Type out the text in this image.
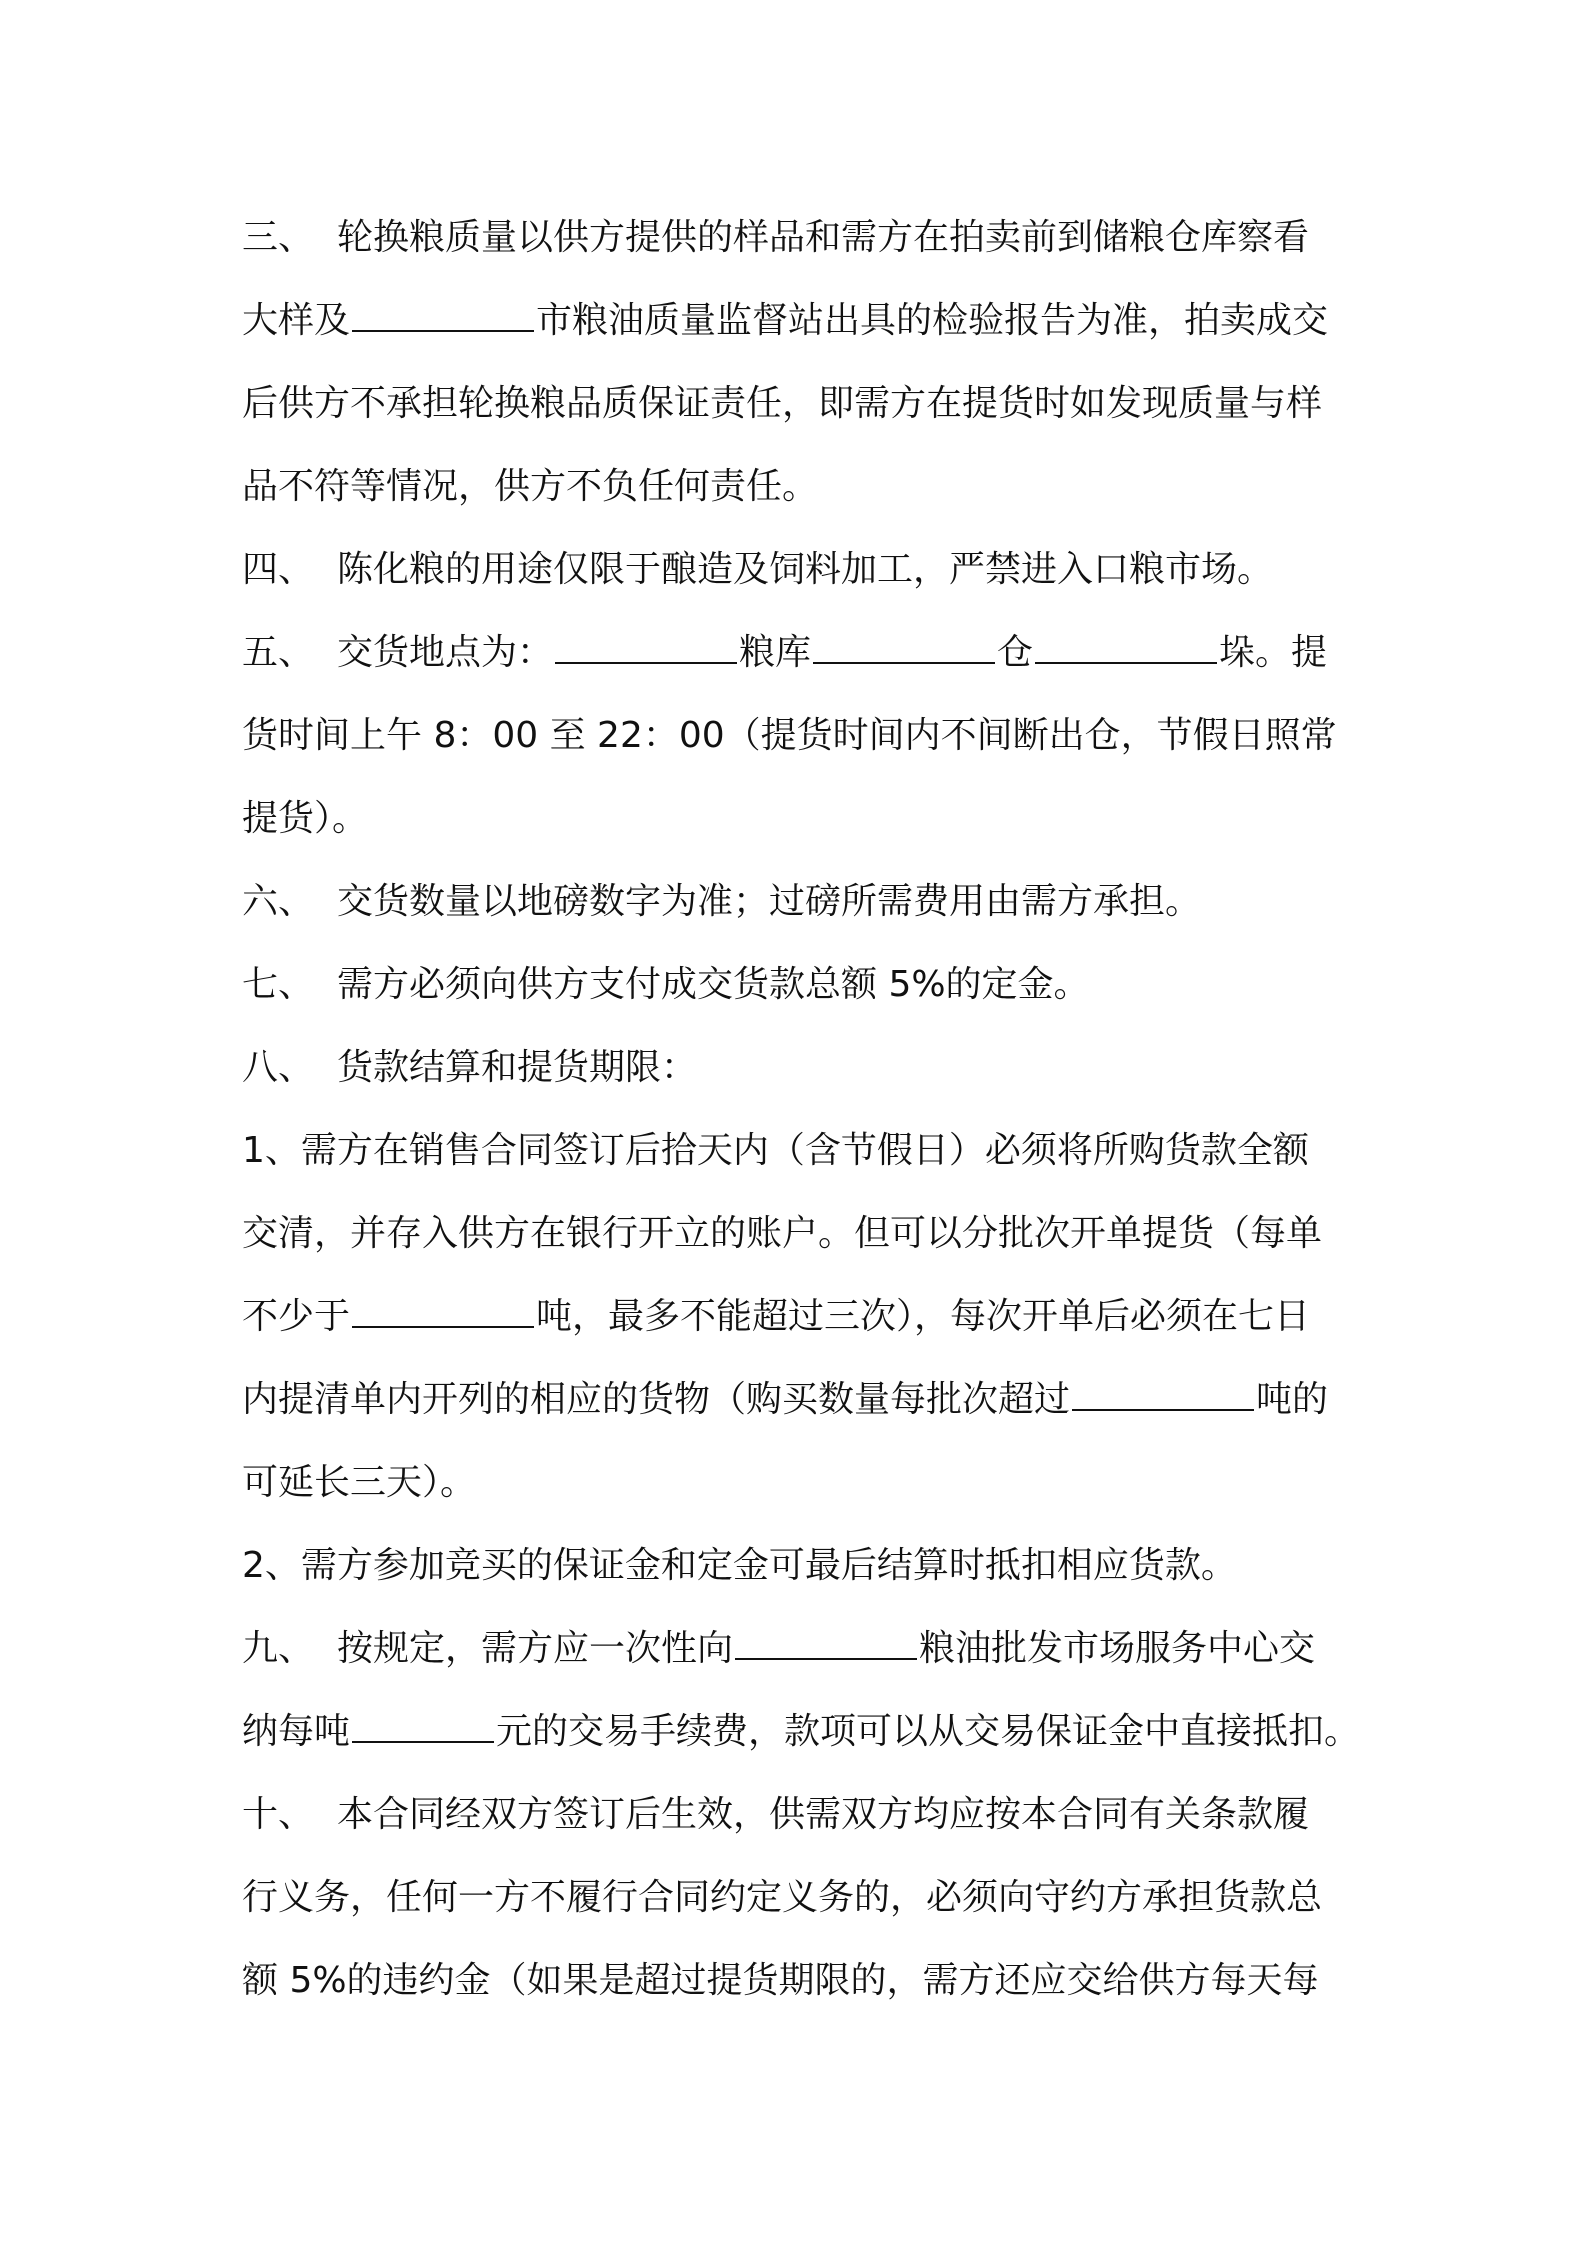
三、 轮换粮质量以供方提供的样品和需方在拍卖前到储粮仓库察看
大样及	市粮油质量监督站出具的检验报告为准，拍卖成交
后供方不承担轮换粮品质保证责任，即需方在提货时如发现质量与样
品不符等情况，供方不负任何责任。
四、 陈化粮的用途仅限于酿造及饲料加工，严禁进入口粮市场。
五、 交货地点为：	粮库	仓	垛。提
货时间上午 8：00 至 22：00（提货时间内不间断出仓，节假日照常
提货）。
六、 交货数量以地磅数字为准；过磅所需费用由需方承担。
七、 需方必须向供方支付成交货款总额 5%的定金。
八、 货款结算和提货期限：
1、需方在销售合同签订后拾天内（含节假日）必须将所购货款全额
交清，并存入供方在银行开立的账户。但可以分批次开单提货（每单
不少于	吨，最多不能超过三次），每次开单后必须在七日
内提清单内开列的相应的货物（购买数量每批次超过	吨的
可延长三天）。
2、需方参加竞买的保证金和定金可最后结算时抵扣相应货款。
九、 按规定，需方应一次性向	粮油批发市场服务中心交
纳每吨	元的交易手续费，款项可以从交易保证金中直接抵扣。
十、 本合同经双方签订后生效，供需双方均应按本合同有关条款履
行义务，任何一方不履行合同约定义务的，必须向守约方承担货款总
额 5%的违约金（如果是超过提货期限的，需方还应交给供方每天每
